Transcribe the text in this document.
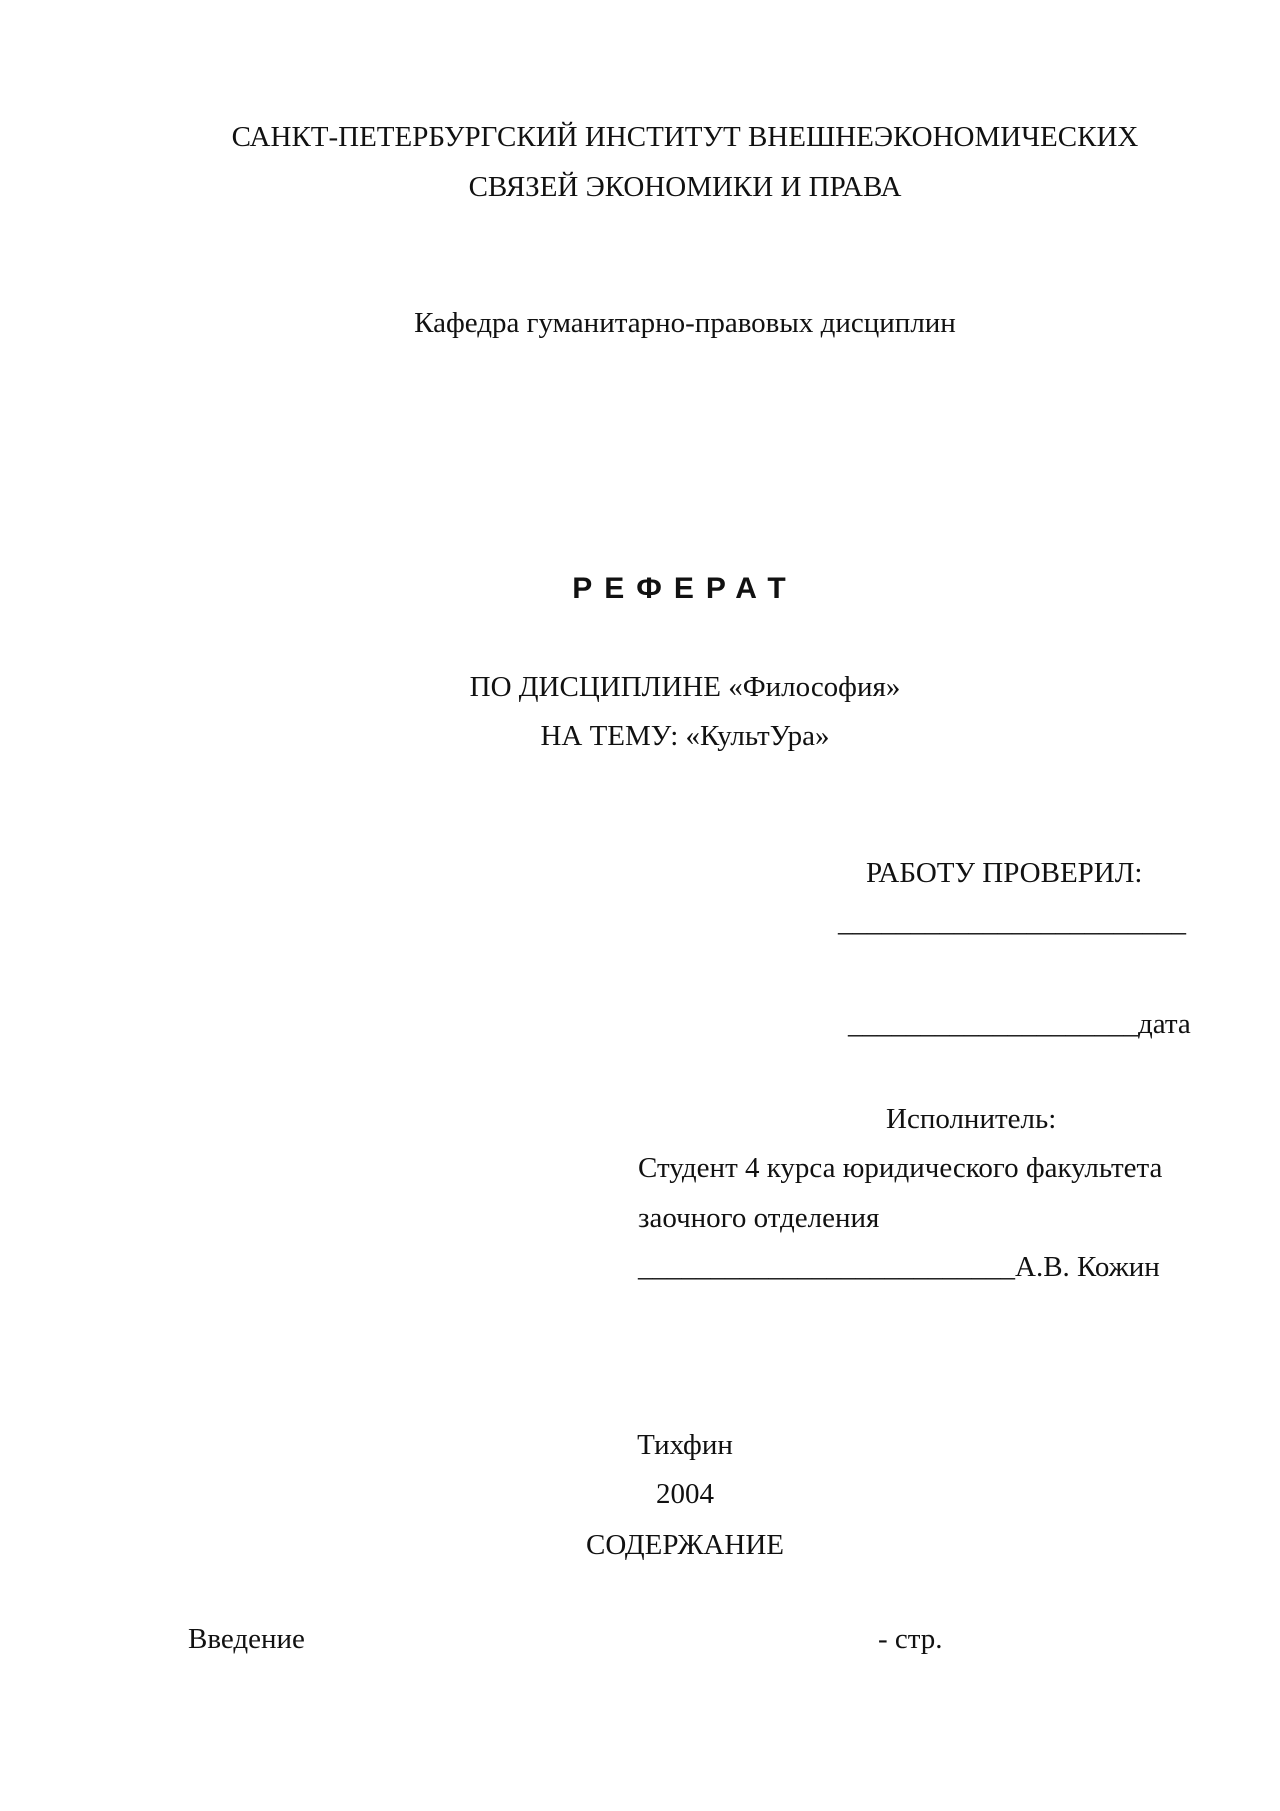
САНКТ-ПЕТЕРБУРГСКИЙ ИНСТИТУТ ВНЕШНЕЭКОНОМИЧЕСКИХ
СВЯЗЕЙ ЭКОНОМИКИ И ПРАВА
Кафедра гуманитарно-правовых дисциплин
РЕФЕРАТ
ПО ДИСЦИПЛИНЕ «Философия»
НА ТЕМУ: «КультУра»
РАБОТУ ПРОВЕРИЛ:
________________________
____________________дата
Исполнитель:
Студент 4 курса юридического факультета
заочного отделения
__________________________А.В. Кожин
Тихфин
2004
СОДЕРЖАНИЕ
Введение	- стр.
